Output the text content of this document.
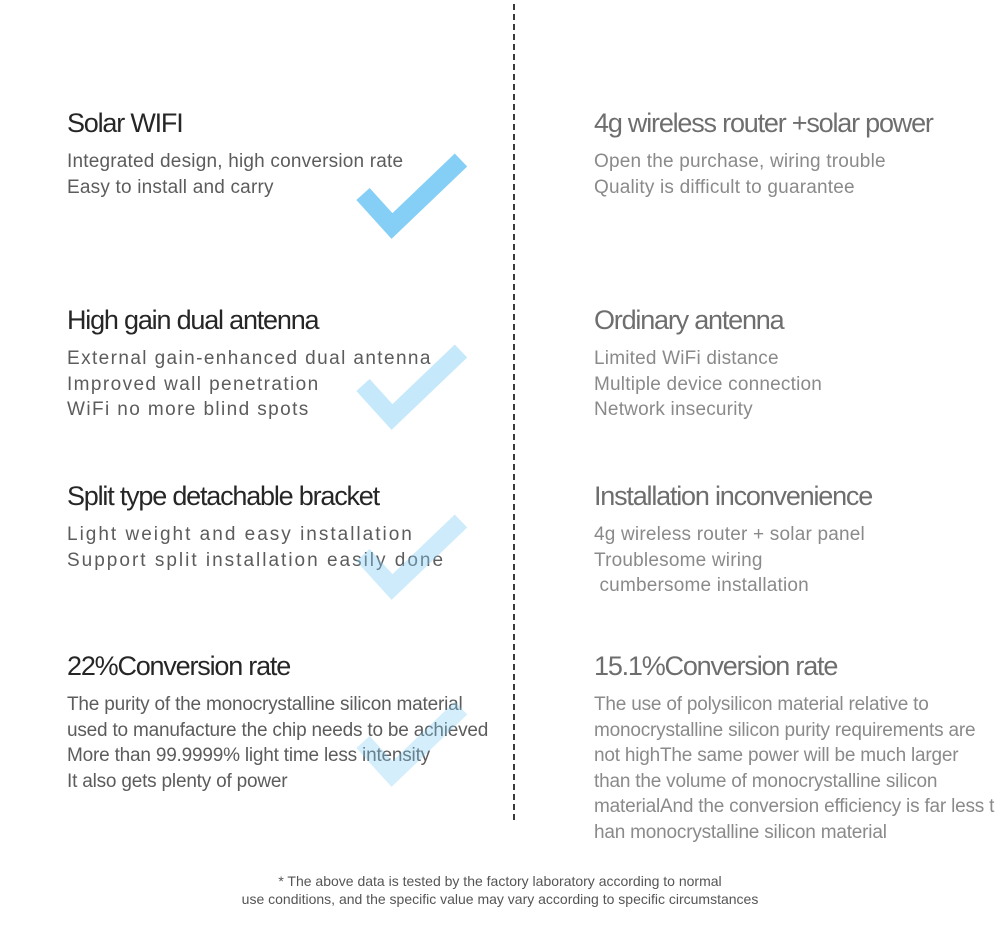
Solar WIFI
Integrated design, high conversion rate
Easy to install and carry
High gain dual antenna
External gain-enhanced dual antenna
Improved wall penetration
WiFi no more blind spots
Split type detachable bracket
Light weight and easy installation
Support split installation easily done
22%Conversion rate
The purity of the monocrystalline silicon material
used to manufacture the chip needs to be achieved
More than 99.9999% light time less intensity
It also gets plenty of power
4g wireless router +solar power
Open the purchase, wiring trouble
Quality is difficult to guarantee
Ordinary antenna
Limited WiFi distance
Multiple device connection
Network insecurity
Installation inconvenience
4g wireless router + solar panel
Troublesome wiring
cumbersome installation
15.1%Conversion rate
The use of polysilicon material relative to
monocrystalline silicon purity requirements are
not highThe same power will be much larger
than the volume of monocrystalline silicon
materialAnd the conversion efficiency is far less t
han monocrystalline silicon material
* The above data is tested by the factory laboratory according to normal
use conditions, and the specific value may vary according to specific circumstances
